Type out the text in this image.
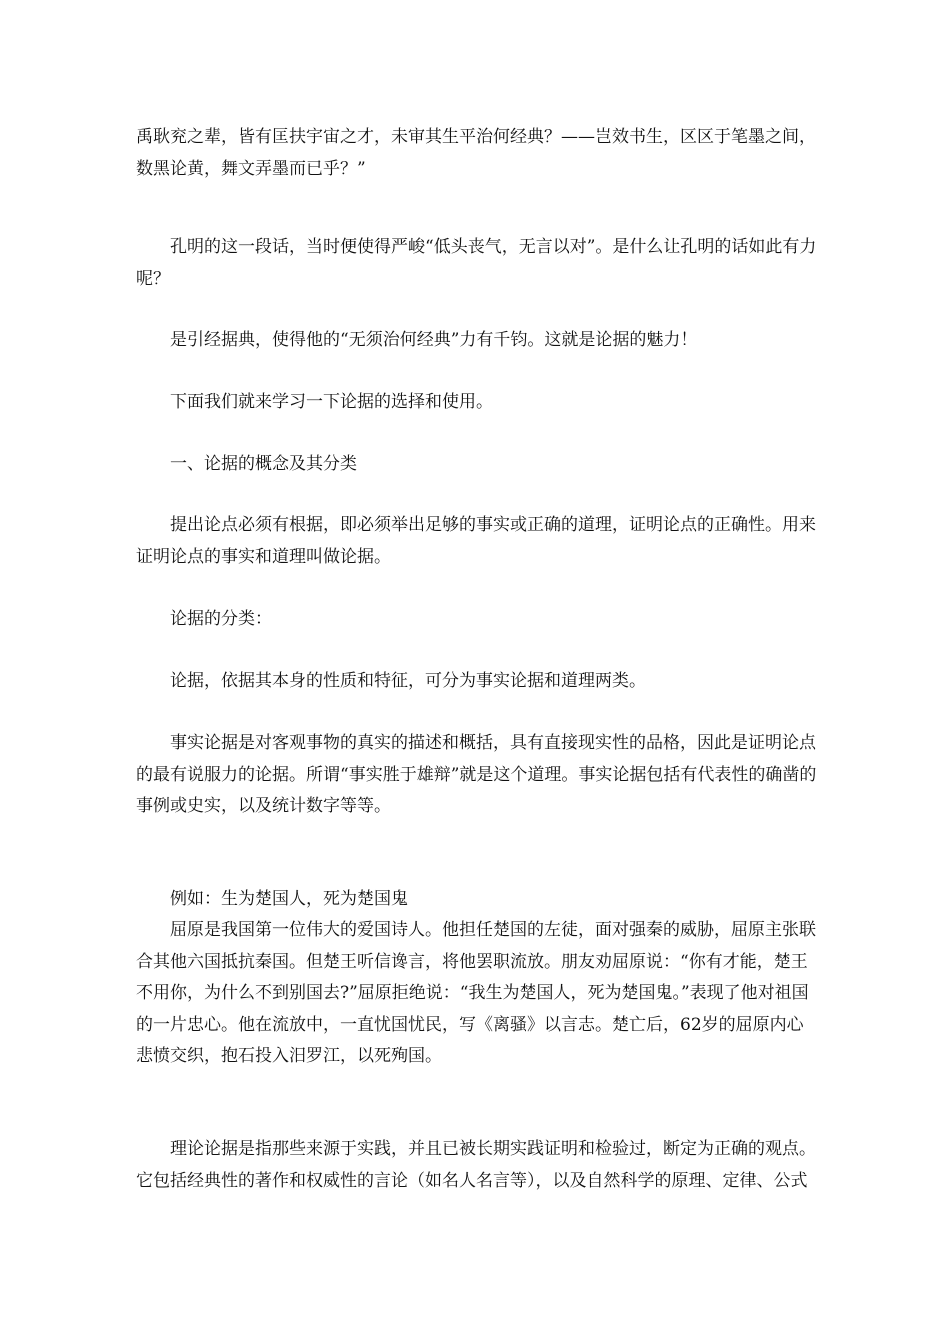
禹耿兖之辈，皆有匡扶宇宙之才，未审其生平治何经典？——岂效书生，区区于笔墨之间，数黑论黄，舞文弄墨而已乎？”

孔明的这一段话，当时便使得严峻“低头丧气，无言以对”。是什么让孔明的话如此有力呢？

是引经据典，使得他的“无须治何经典”力有千钧。这就是论据的魅力！

下面我们就来学习一下论据的选择和使用。

一、论据的概念及其分类

提出论点必须有根据，即必须举出足够的事实或正确的道理，证明论点的正确性。用来证明论点的事实和道理叫做论据。

论据的分类：

论据，依据其本身的性质和特征，可分为事实论据和道理两类。

事实论据是对客观事物的真实的描述和概括，具有直接现实性的品格，因此是证明论点的最有说服力的论据。所谓“事实胜于雄辩”就是这个道理。事实论据包括有代表性的确凿的事例或史实，以及统计数字等等。

例如：生为楚国人，死为楚国鬼

屈原是我国第一位伟大的爱国诗人。他担任楚国的左徒，面对强秦的威胁，屈原主张联合其他六国抵抗秦国。但楚王听信谗言，将他罢职流放。朋友劝屈原说：“你有才能，楚王不用你，为什么不到别国去?”屈原拒绝说：“我生为楚国人，死为楚国鬼。”表现了他对祖国的一片忠心。他在流放中，一直忧国忧民，写《离骚》以言志。楚亡后，62岁的屈原内心悲愤交织，抱石投入汨罗江，以死殉国。

理论论据是指那些来源于实践，并且已被长期实践证明和检验过，断定为正确的观点。它包括经典性的著作和权威性的言论（如名人名言等），以及自然科学的原理、定律、公式
